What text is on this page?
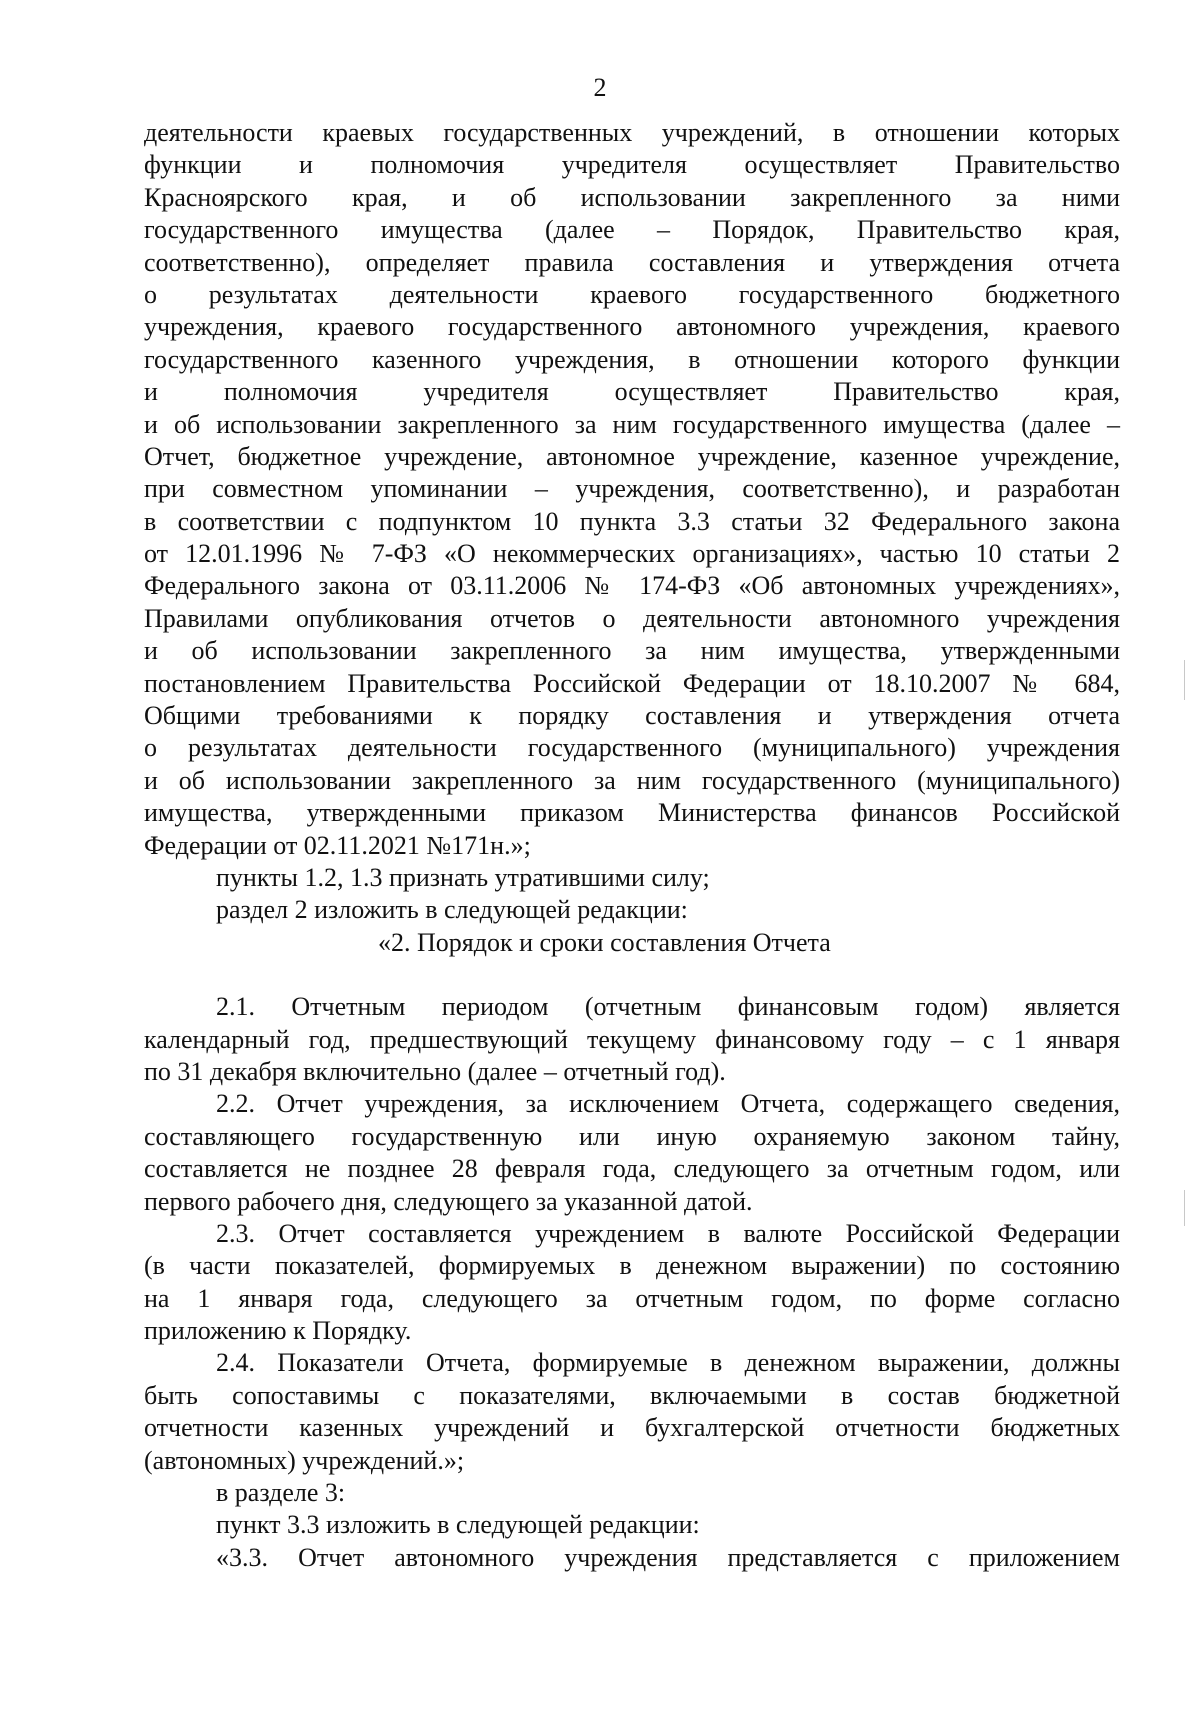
2
деятельности краевых государственных учреждений, в отношении которых
функции и полномочия учредителя осуществляет Правительство
Красноярского края, и об использовании закрепленного за ними
государственного имущества (далее – Порядок, Правительство края,
соответственно), определяет правила составления и утверждения отчета
о результатах деятельности краевого государственного бюджетного
учреждения, краевого государственного автономного учреждения, краевого
государственного казенного учреждения, в отношении которого функции
и полномочия учредителя осуществляет Правительство края,
и об использовании закрепленного за ним государственного имущества (далее –
Отчет, бюджетное учреждение, автономное учреждение, казенное учреждение,
при совместном упоминании – учреждения, соответственно), и разработан
в соответствии с подпунктом 10 пункта 3.3 статьи 32 Федерального закона
от 12.01.1996 № 7-ФЗ «О некоммерческих организациях», частью 10 статьи 2
Федерального закона от 03.11.2006 № 174-ФЗ «Об автономных учреждениях»,
Правилами опубликования отчетов о деятельности автономного учреждения
и об использовании закрепленного за ним имущества, утвержденными
постановлением Правительства Российской Федерации от 18.10.2007 № 684,
Общими требованиями к порядку составления и утверждения отчета
о результатах деятельности государственного (муниципального) учреждения
и об использовании закрепленного за ним государственного (муниципального)
имущества, утвержденными приказом Министерства финансов Российской
Федерации от 02.11.2021 №171н.»;
пункты 1.2, 1.3 признать утратившими силу;
раздел 2 изложить в следующей редакции:
«2. Порядок и сроки составления Отчета
2.1. Отчетным периодом (отчетным финансовым годом) является
календарный год, предшествующий текущему финансовому году – с 1 января
по 31 декабря включительно (далее – отчетный год).
2.2. Отчет учреждения, за исключением Отчета, содержащего сведения,
составляющего государственную или иную охраняемую законом тайну,
составляется не позднее 28 февраля года, следующего за отчетным годом, или
первого рабочего дня, следующего за указанной датой.
2.3. Отчет составляется учреждением в валюте Российской Федерации
(в части показателей, формируемых в денежном выражении) по состоянию
на 1 января года, следующего за отчетным годом, по форме согласно
приложению к Порядку.
2.4. Показатели Отчета, формируемые в денежном выражении, должны
быть сопоставимы с показателями, включаемыми в состав бюджетной
отчетности казенных учреждений и бухгалтерской отчетности бюджетных
(автономных) учреждений.»;
в разделе 3:
пункт 3.3 изложить в следующей редакции:
«3.3. Отчет автономного учреждения представляется с приложением
